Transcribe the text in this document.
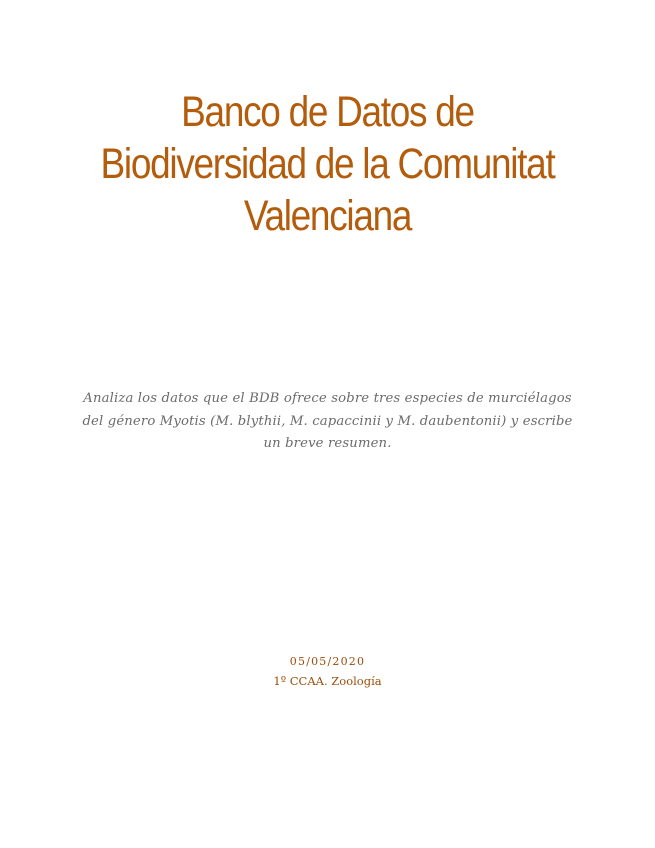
Banco de Datos de
Biodiversidad de la Comunitat
Valenciana

Analiza los datos que el BDB ofrece sobre tres especies de murciélagos del género Myotis (M. blythii, M. capaccinii y M. daubentonii) y escribe un breve resumen.

05/05/2020

1º CCAA. Zoología
